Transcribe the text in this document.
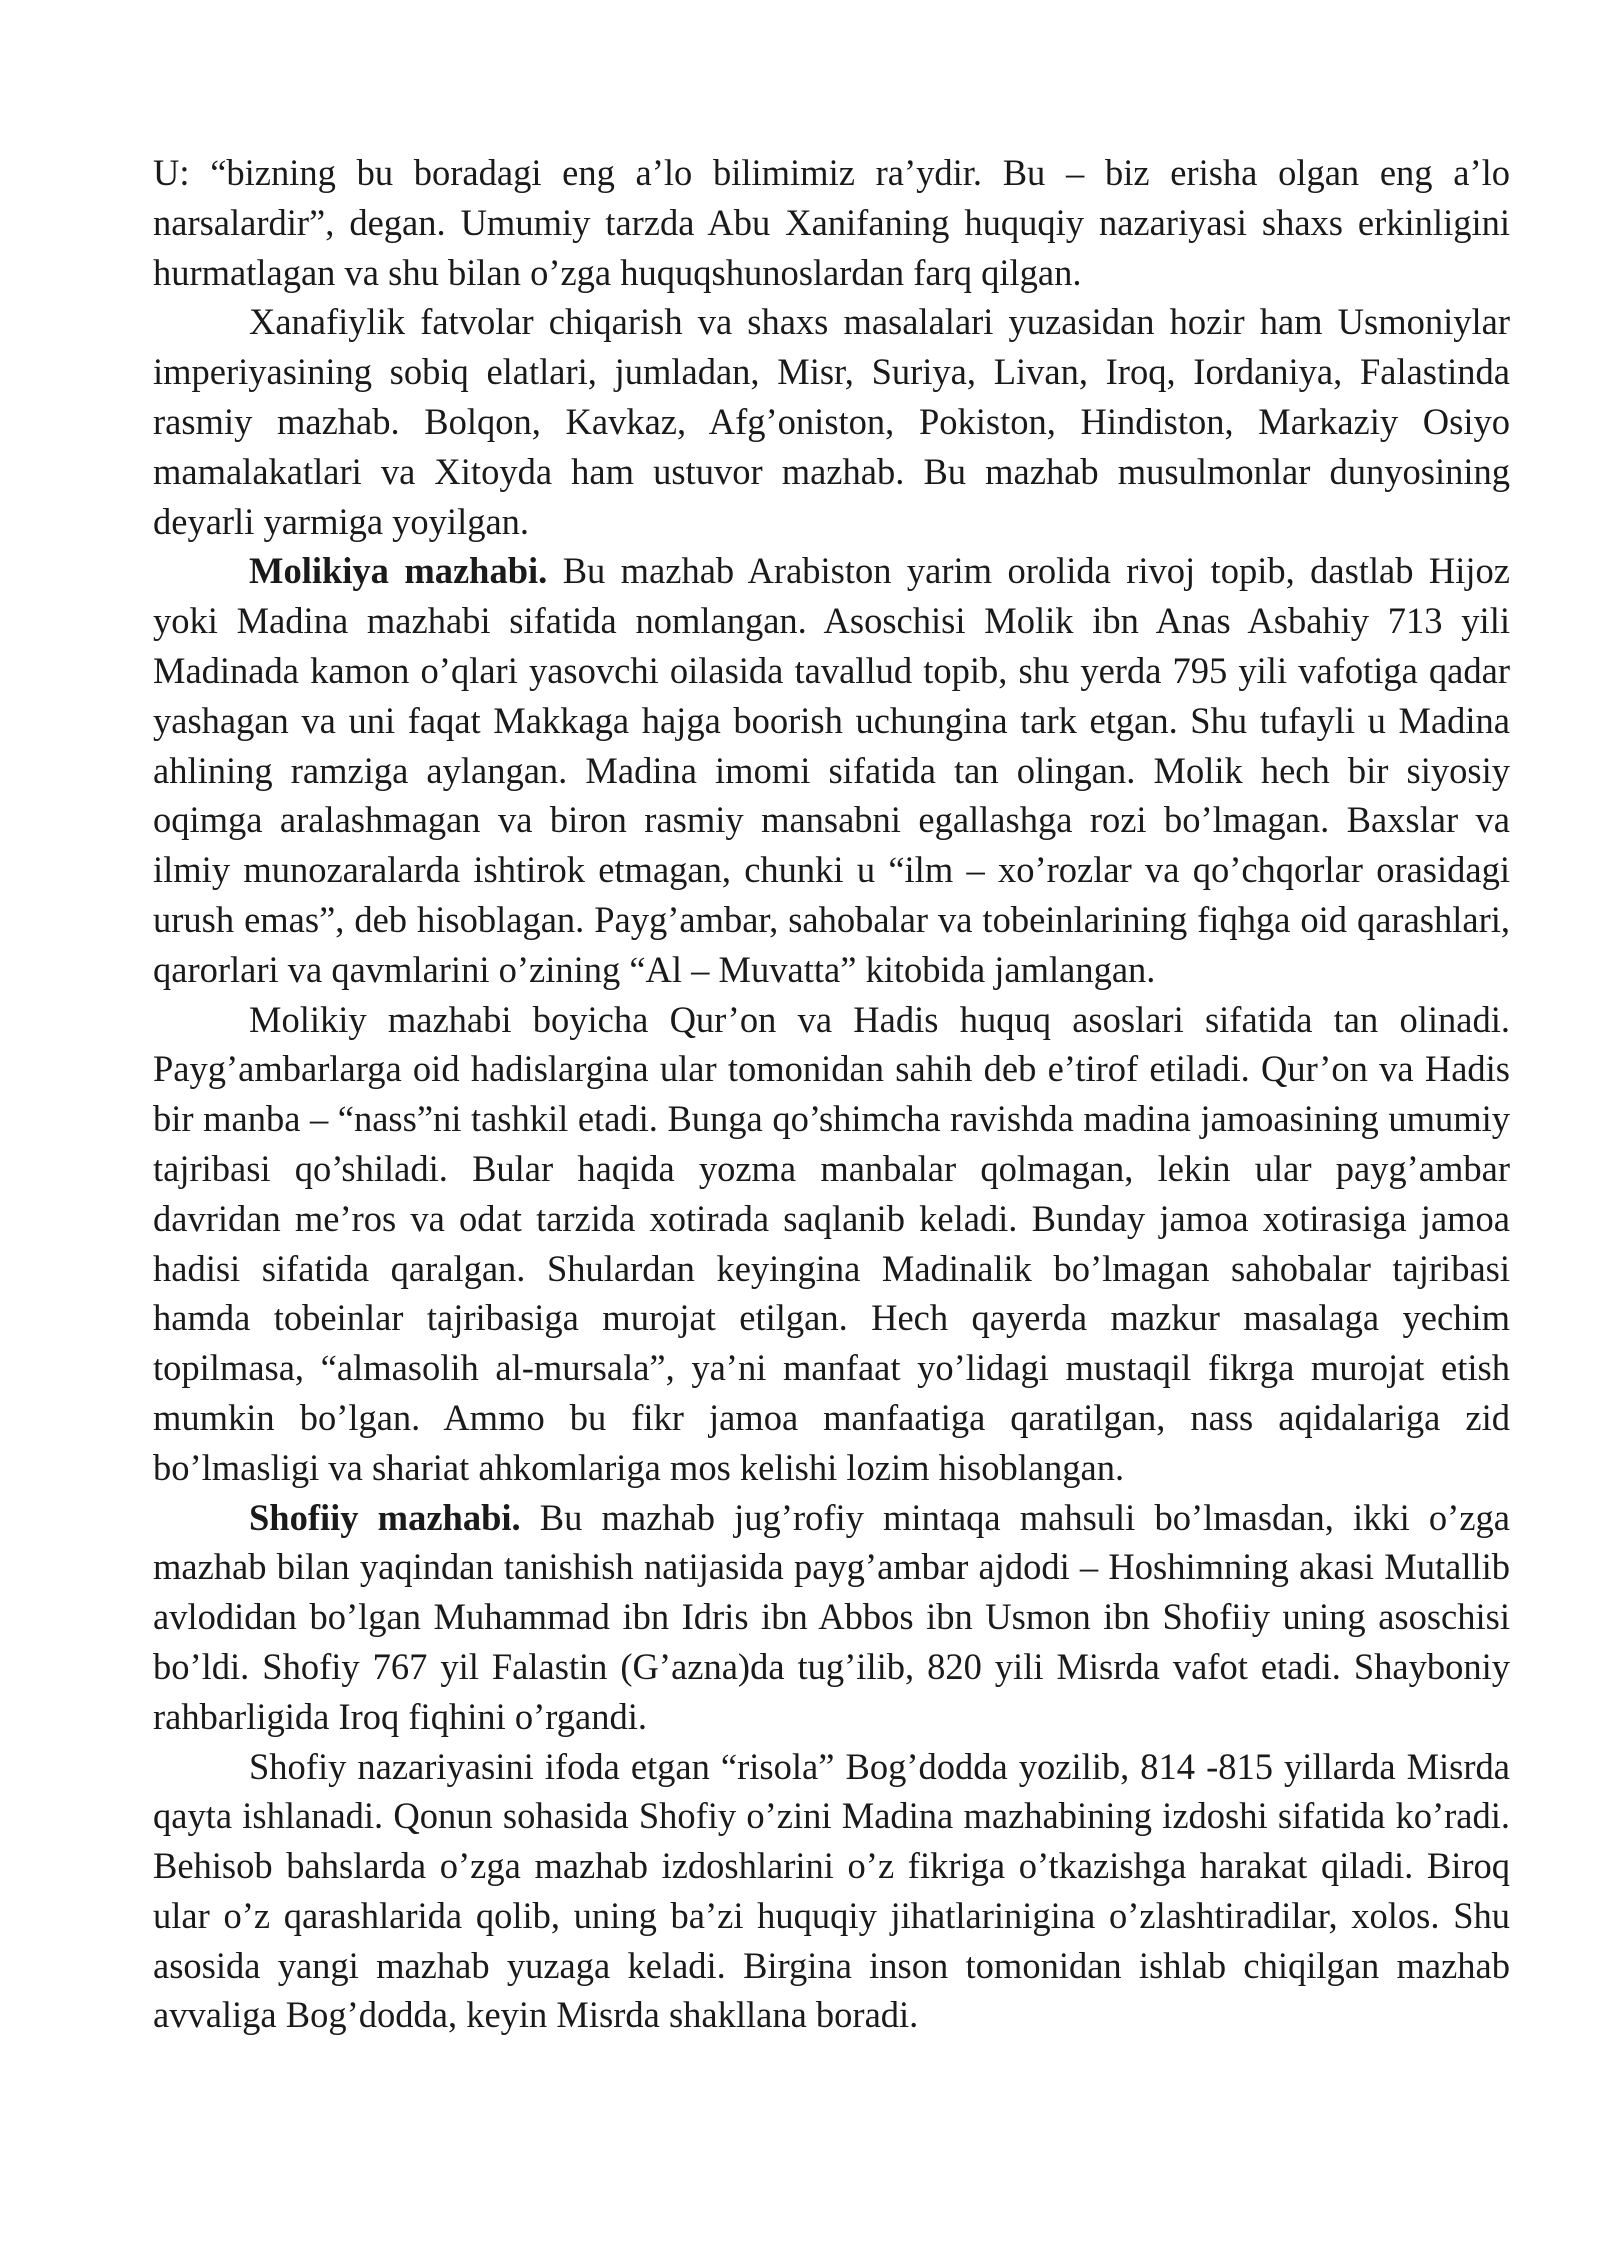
U: “bizning bu boradagi eng a’lo bilimimiz ra’ydir. Bu – biz erisha olgan eng a’lo narsalardir”, degan. Umumiy tarzda Abu Xanifaning huquqiy nazariyasi shaxs erkinligini hurmatlagan va shu bilan o’zga huquqshunoslardan farq qilgan.

Xanafiylik fatvolar chiqarish va shaxs masalalari yuzasidan hozir ham Usmoniylar imperiyasining sobiq elatlari, jumladan, Misr, Suriya, Livan, Iroq, Iordaniya, Falastinda rasmiy mazhab. Bolqon, Kavkaz, Afg’oniston, Pokiston, Hindiston, Markaziy Osiyo mamalakatlari va Xitoyda ham ustuvor mazhab. Bu mazhab musulmonlar dunyosining deyarli yarmiga yoyilgan.

Molikiya mazhabi. Bu mazhab Arabiston yarim orolida rivoj topib, dastlab Hijoz yoki Madina mazhabi sifatida nomlangan. Asoschisi Molik ibn Anas Asbahiy 713 yili Madinada kamon o’qlari yasovchi oilasida tavallud topib, shu yerda 795 yili vafotiga qadar yashagan va uni faqat Makkaga hajga boorish uchungina tark etgan. Shu tufayli u Madina ahlining ramziga aylangan. Madina imomi sifatida tan olingan. Molik hech bir siyosiy oqimga aralashmagan va biron rasmiy mansabni egallashga rozi bo’lmagan. Baxslar va ilmiy munozaralarda ishtirok etmagan, chunki u “ilm – xo’rozlar va qo’chqorlar orasidagi urush emas”, deb hisoblagan. Payg’ambar, sahobalar va tobeinlarining fiqhga oid qarashlari, qarorlari va qavmlarini o’zining “Al – Muvatta” kitobida jamlangan.

Molikiy mazhabi boyicha Qur’on va Hadis huquq asoslari sifatida tan olinadi. Payg’ambarlarga oid hadislargina ular tomonidan sahih deb e’tirof etiladi. Qur’on va Hadis bir manba – “nass”ni tashkil etadi. Bunga qo’shimcha ravishda madina jamoasining umumiy tajribasi qo’shiladi. Bular haqida yozma manbalar qolmagan, lekin ular payg’ambar davridan me’ros va odat tarzida xotirada saqlanib keladi. Bunday jamoa xotirasiga jamoa hadisi sifatida qaralgan. Shulardan keyingina Madinalik bo’lmagan sahobalar tajribasi hamda tobeinlar tajribasiga murojat etilgan. Hech qayerda mazkur masalaga yechim topilmasa, “almasolih al-mursala”, ya’ni manfaat yo’lidagi mustaqil fikrga murojat etish mumkin bo’lgan. Ammo bu fikr jamoa manfaatiga qaratilgan, nass aqidalariga zid bo’lmasligi va shariat ahkomlariga mos kelishi lozim hisoblangan.

Shofiiy mazhabi. Bu mazhab jug’rofiy mintaqa mahsuli bo’lmasdan, ikki o’zga mazhab bilan yaqindan tanishish natijasida payg’ambar ajdodi – Hoshimning akasi Mutallib avlodidan bo’lgan Muhammad ibn Idris ibn Abbos ibn Usmon ibn Shofiiy uning asoschisi bo’ldi. Shofiy 767 yil Falastin (G’azna)da tug’ilib, 820 yili Misrda vafot etadi. Shayboniy rahbarligida Iroq fiqhini o’rgandi.

Shofiy nazariyasini ifoda etgan “risola” Bog’dodda yozilib, 814 -815 yillarda Misrda qayta ishlanadi. Qonun sohasida Shofiy o’zini Madina mazhabining izdoshi sifatida ko’radi. Behisob bahslarda o’zga mazhab izdoshlarini o’z fikriga o’tkazishga harakat qiladi. Biroq ular o’z qarashlarida qolib, uning ba’zi huquqiy jihatlarinigina o’zlashtiradilar, xolos. Shu asosida yangi mazhab yuzaga keladi. Birgina inson tomonidan ishlab chiqilgan mazhab avvaliga Bog’dodda, keyin Misrda shakllana boradi.
